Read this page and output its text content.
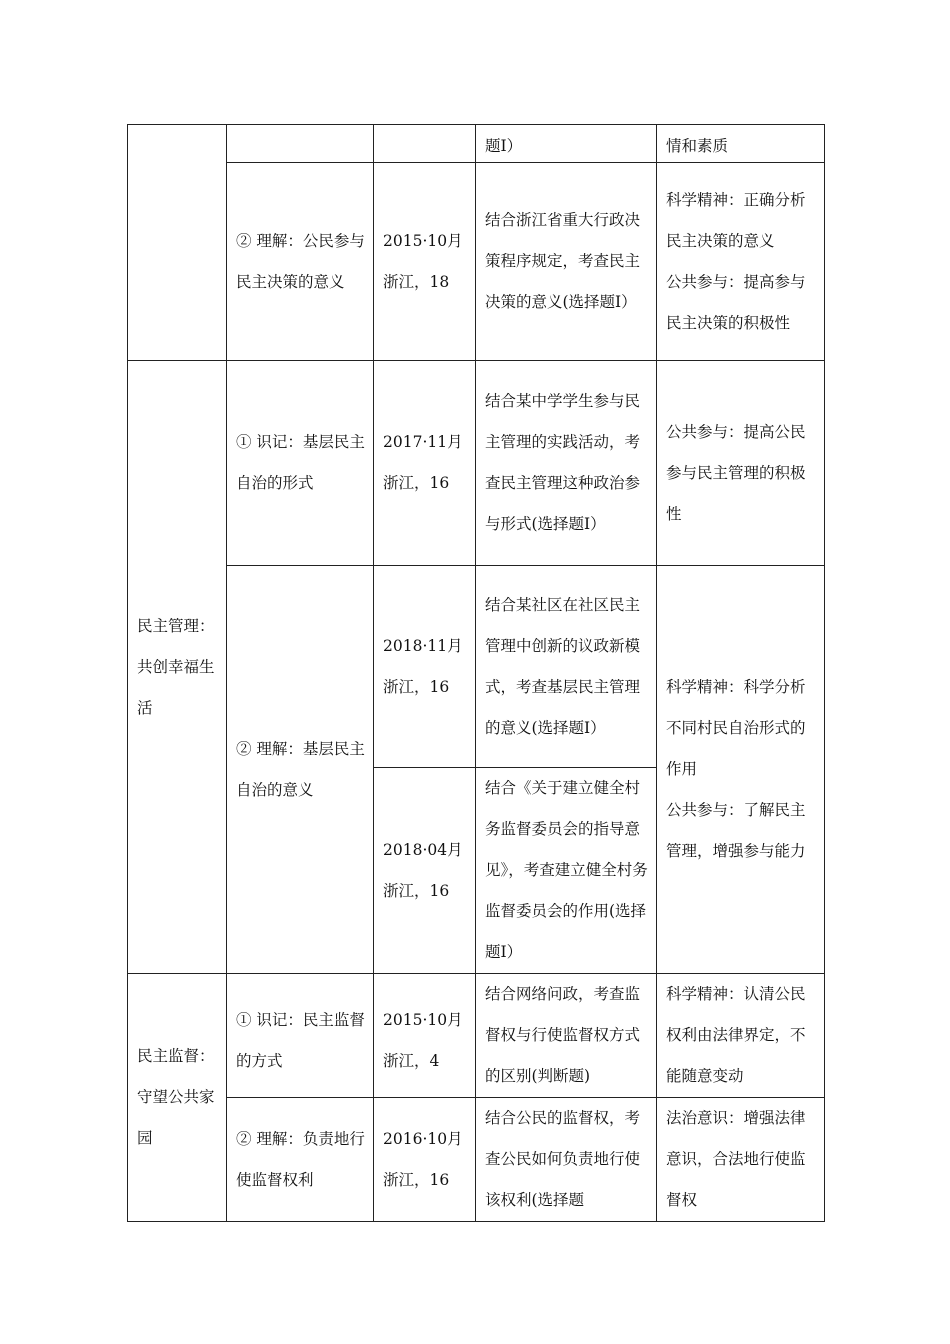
			题Ⅰ）	情和素质

	② 理解：公民参与民主决策的意义	2015·10月浙江，18	结合浙江省重大行政决策程序规定，考查民主决策的意义(选择题Ⅰ）	科学精神：正确分析民主决策的意义
公共参与：提高参与民主决策的积极性

民主管理：共创幸福生活	① 识记：基层民主自治的形式	2017·11月浙江，16	结合某中学学生参与民主管理的实践活动，考查民主管理这种政治参与形式(选择题Ⅰ）	公共参与：提高公民参与民主管理的积极性

	② 理解：基层民主自治的意义	2018·11月浙江，16	结合某社区在社区民主管理中创新的议政新模式，考查基层民主管理的意义(选择题Ⅰ）	科学精神：科学分析不同村民自治形式的作用
公共参与：了解民主管理，增强参与能力

		2018·04月浙江，16	结合《关于建立健全村务监督委员会的指导意见》，考查建立健全村务监督委员会的作用(选择题Ⅰ）	

民主监督：守望公共家园	① 识记：民主监督的方式	2015·10月浙江，4	结合网络问政，考查监督权与行使监督权方式的区别(判断题)	科学精神：认清公民权利由法律界定，不能随意变动

	② 理解：负责地行使监督权利	2016·10月浙江，16	结合公民的监督权，考查公民如何负责地行使该权利(选择题	法治意识：增强法律意识，合法地行使监督权
